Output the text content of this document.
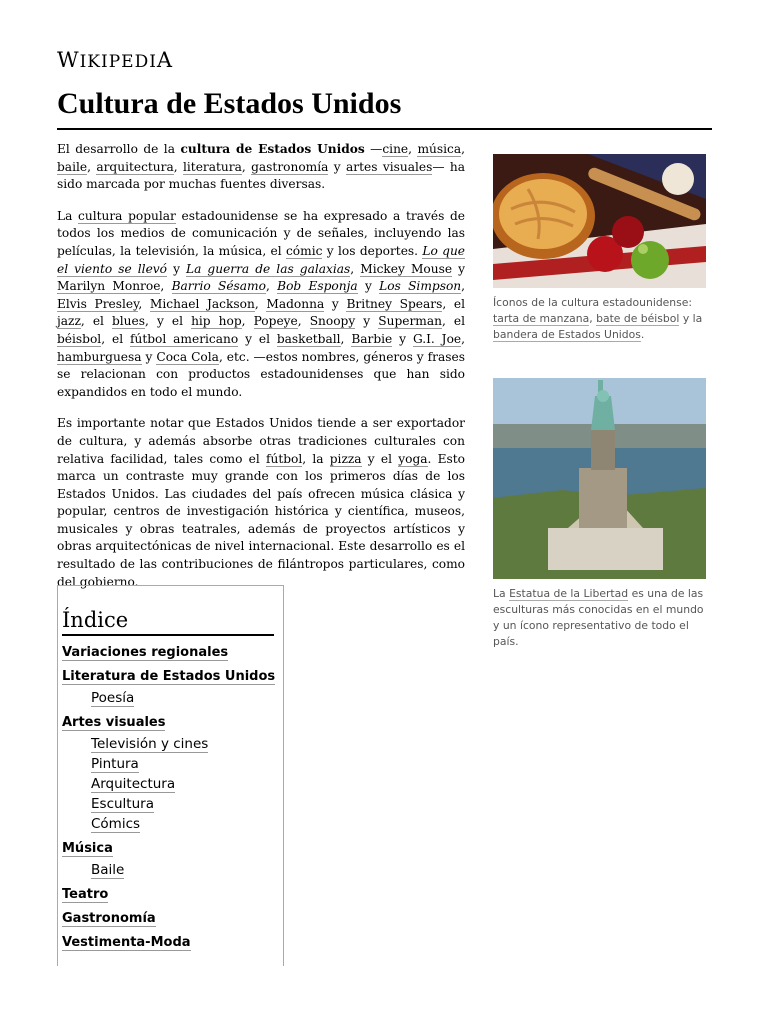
WIKIPEDIA
Cultura de Estados Unidos

El desarrollo de la cultura de Estados Unidos —cine, música, baile, arquitectura, literatura, gastronomía y artes visuales— ha sido marcada por muchas fuentes diversas.

La cultura popular estadounidense se ha expresado a través de todos los medios de comunicación y de señales, incluyendo las películas, la televisión, la música, el cómic y los deportes. Lo que el viento se llevó y La guerra de las galaxias, Mickey Mouse y Marilyn Monroe, Barrio Sésamo, Bob Esponja y Los Simpson, Elvis Presley, Michael Jackson, Madonna y Britney Spears, el jazz, el blues, y el hip hop, Popeye, Snoopy y Superman, el béisbol, el fútbol americano y el basketball, Barbie y G.I. Joe, hamburguesa y Coca Cola, etc. —estos nombres, géneros y frases se relacionan con productos estadounidenses que han sido expandidos en todo el mundo.

Es importante notar que Estados Unidos tiende a ser exportador de cultura, y además absorbe otras tradiciones culturales con relativa facilidad, tales como el fútbol, la pizza y el yoga. Esto marca un contraste muy grande con los primeros días de los Estados Unidos. Las ciudades del país ofrecen música clásica y popular, centros de investigación histórica y científica, museos, musicales y obras teatrales, además de proyectos artísticos y obras arquitectónicas de nivel internacional. Este desarrollo es el resultado de las contribuciones de filántropos particulares, como del gobierno.

Íconos de la cultura estadounidense: tarta de manzana, bate de béisbol y la bandera de Estados Unidos.
La Estatua de la Libertad es una de las esculturas más conocidas en el mundo y un ícono representativo de todo el país.
Índice
Variaciones regionales
Literatura de Estados Unidos
Poesía
Artes visuales
Televisión y cines
Pintura
Arquitectura
Escultura
Cómics
Música
Baile
Teatro
Gastronomía
Vestimenta-Moda
